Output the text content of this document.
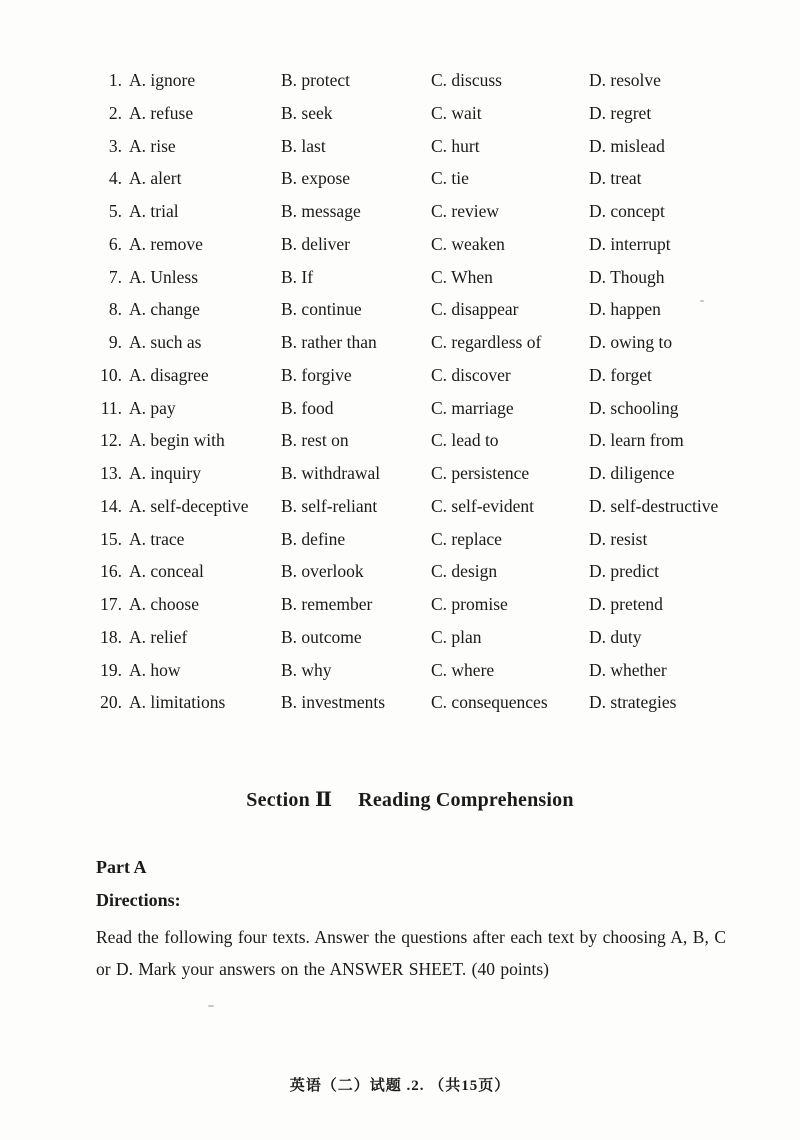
1. A. ignore	B. protect	C. discuss	D. resolve
2. A. refuse	B. seek	C. wait	D. regret
3. A. rise	B. last	C. hurt	D. mislead
4. A. alert	B. expose	C. tie	D. treat
5. A. trial	B. message	C. review	D. concept
6. A. remove	B. deliver	C. weaken	D. interrupt
7. A. Unless	B. If	C. When	D. Though
8. A. change	B. continue	C. disappear	D. happen
9. A. such as	B. rather than	C. regardless of	D. owing to
10. A. disagree	B. forgive	C. discover	D. forget
11. A. pay	B. food	C. marriage	D. schooling
12. A. begin with	B. rest on	C. lead to	D. learn from
13. A. inquiry	B. withdrawal	C. persistence	D. diligence
14. A. self-deceptive B. self-reliant	C. self-evident	D. self-destructive
15. A. trace	B. define	C. replace	D. resist
16. A. conceal	B. overlook	C. design	D. predict
17. A. choose	B. remember	C. promise	D. pretend
18. A. relief	B. outcome	C. plan	D. duty
19. A. how	B. why	C. where	D. whether
20. A. limitations	B. investments	C. consequences D. strategies
Section Ⅱ Reading Comprehension
Part A
Directions:
Read the following four texts. Answer the questions after each text by choosing A, B, C or D. Mark your answers on the ANSWER SHEET. (40 points)
英语（二）试题 .2. （共15页）
